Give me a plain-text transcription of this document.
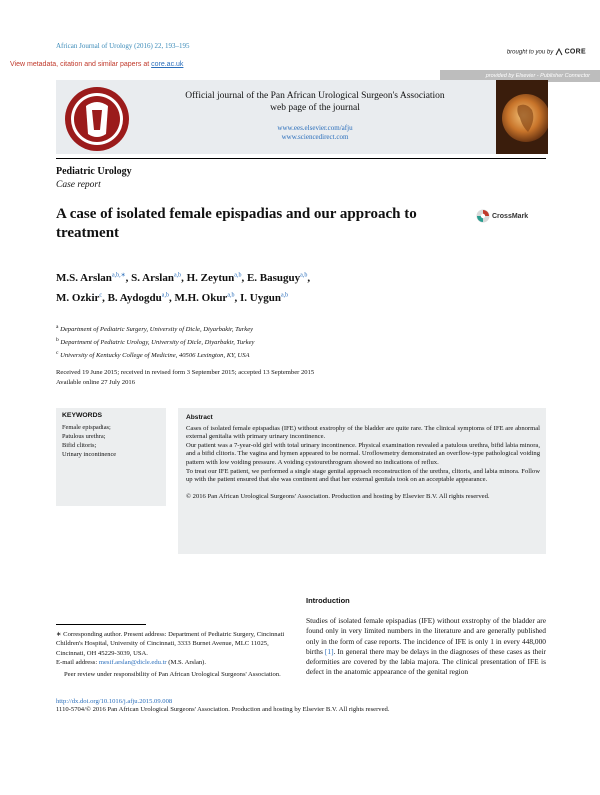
African Journal of Urology (2016) 22, 193–195
View metadata, citation and similar papers at core.ac.uk
brought to you by CORE
provided by Elsevier - Publisher Connector
Official journal of the Pan African Urological Surgeon's Association
web page of the journal
www.ees.elsevier.com/afju
www.sciencedirect.com
Pediatric Urology
Case report
A case of isolated female epispadias and our approach to treatment
CrossMark
M.S. Arslan$^{a,b,∗}$, S. Arslan$^{a,b}$, H. Zeytun$^{a,b}$, E. Basuguy$^{a,b}$,
M. Ozkir$^c$, B. Aydogdu$^{a,b}$, M.H. Okur$^{a,b}$, I. Uygun$^{a,b}$
$^a$ Department of Pediatric Surgery, University of Dicle, Diyarbakir, Turkey
$^b$ Department of Pediatric Urology, University of Dicle, Diyarbakir, Turkey
$^c$ University of Kentucky College of Medicine, 40506 Lexington, KY, USA
Received 19 June 2015; received in revised form 3 September 2015; accepted 13 September 2015
Available online 27 July 2016
KEYWORDS
Female epispadias;
Patulous urethra;
Bifid clitoris;
Urinary incontinence
Abstract

Cases of isolated female epispadias (IFE) without exstrophy of the bladder are quite rare. The clinical symptoms of IFE are abnormal external genitalia with primary urinary incontinence.

Our patient was a 7-year-old girl with total urinary incontinence. Physical examination revealed a patulous urethra, bifid labia minora, and a bifid clitoris. The vagina and hymen appeared to be normal. Uroflowmetry demonstrated an overflow-type pathological voiding pattern with low voiding pressure. A voiding cystourethrogram showed no indications of reflux.

To treat our IFE patient, we performed a single stage genital approach reconstruction of the urethra, clitoris, and labia minora. Follow up with the patient ensured that she was continent and that her external genitals took on an acceptable appearance.

© 2016 Pan African Urological Surgeons' Association. Production and hosting by Elsevier B.V. All rights reserved.

Introduction
Studies of isolated female epispadias (IFE) without exstrophy of the bladder are found only in very limited numbers in the literature and are generally published only in the form of case reports. The incidence of IFE is only 1 in every 448,000 births [1]. In general there may be delays in the diagnoses of these cases as their deformities are covered by the labia majora. The clinical presentation of IFE is defect in the anatomic appearance of the genital region
∗ Corresponding author. Present address: Department of Pediatric Surgery, Cincinnati Children's Hospital, University of Cincinnati, 3333 Burnet Avenue, MLC 11025, Cincinnati, OH 45229-3039, USA.
E-mail address: mesif.arslan@dicle.edu.tr (M.S. Arslan).
Peer review under responsibility of Pan African Urological Surgeons' Association.
http://dx.doi.org/10.1016/j.afju.2015.09.008
1110-5704/© 2016 Pan African Urological Surgeons' Association. Production and hosting by Elsevier B.V. All rights reserved.
